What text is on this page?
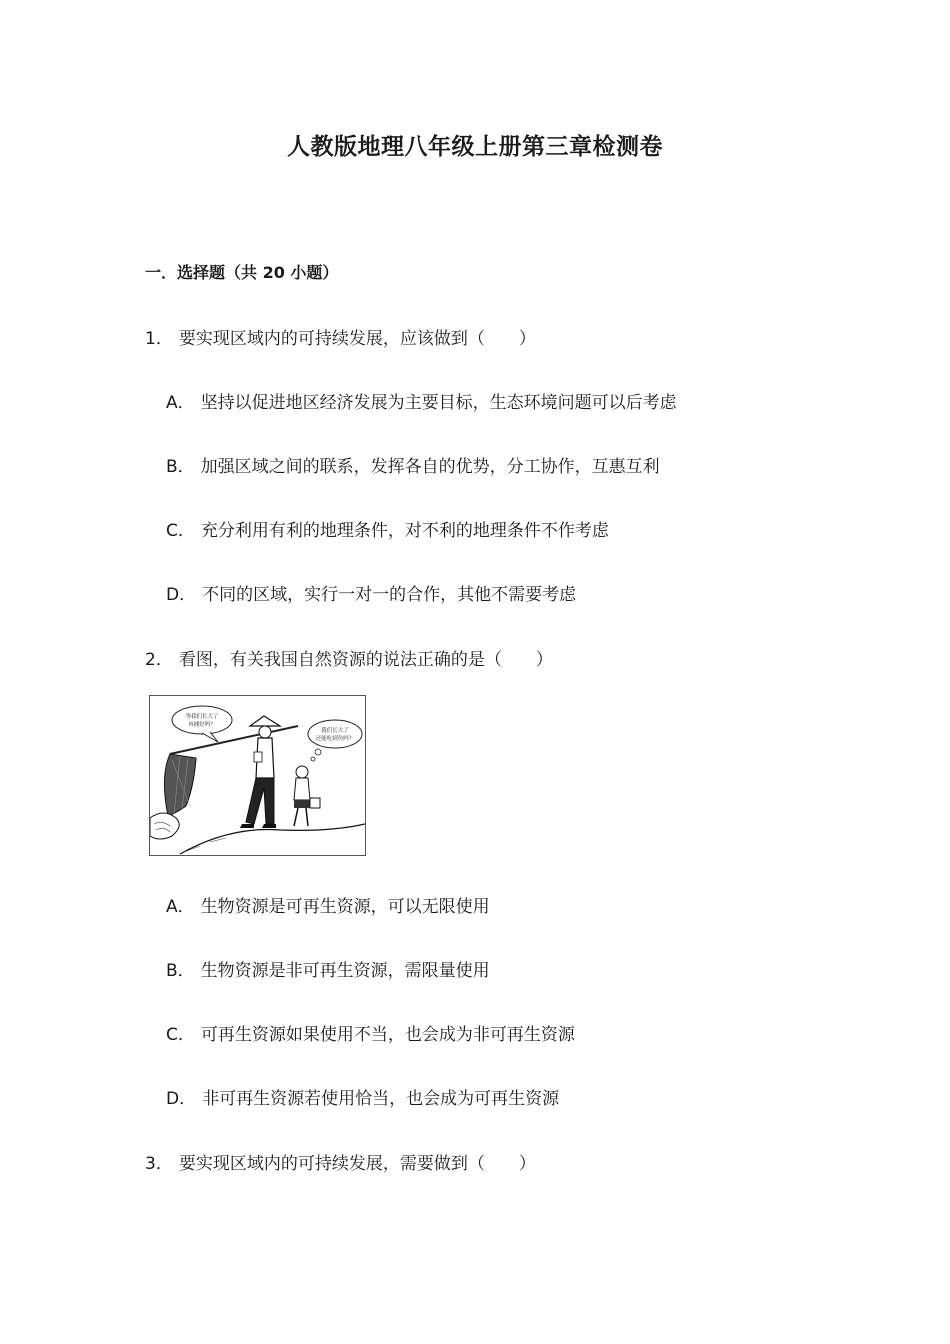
人教版地理八年级上册第三章检测卷
一．选择题（共 20 小题）
1． 要实现区域内的可持续发展，应该做到（　　）
A． 坚持以促进地区经济发展为主要目标，生态环境问题可以后考虑
B． 加强区域之间的联系，发挥各自的优势，分工协作，互惠互利
C． 充分利用有利的地理条件，对不利的地理条件不作考虑
D． 不同的区域，实行一对一的合作，其他不需要考虑
2． 看图，有关我国自然资源的说法正确的是（　　）
等我们长大了
再捕好吗？
我们长大了
还能吃到鱼吗？
A． 生物资源是可再生资源，可以无限使用
B． 生物资源是非可再生资源，需限量使用
C． 可再生资源如果使用不当，也会成为非可再生资源
D． 非可再生资源若使用恰当，也会成为可再生资源
3． 要实现区域内的可持续发展，需要做到（　　）
